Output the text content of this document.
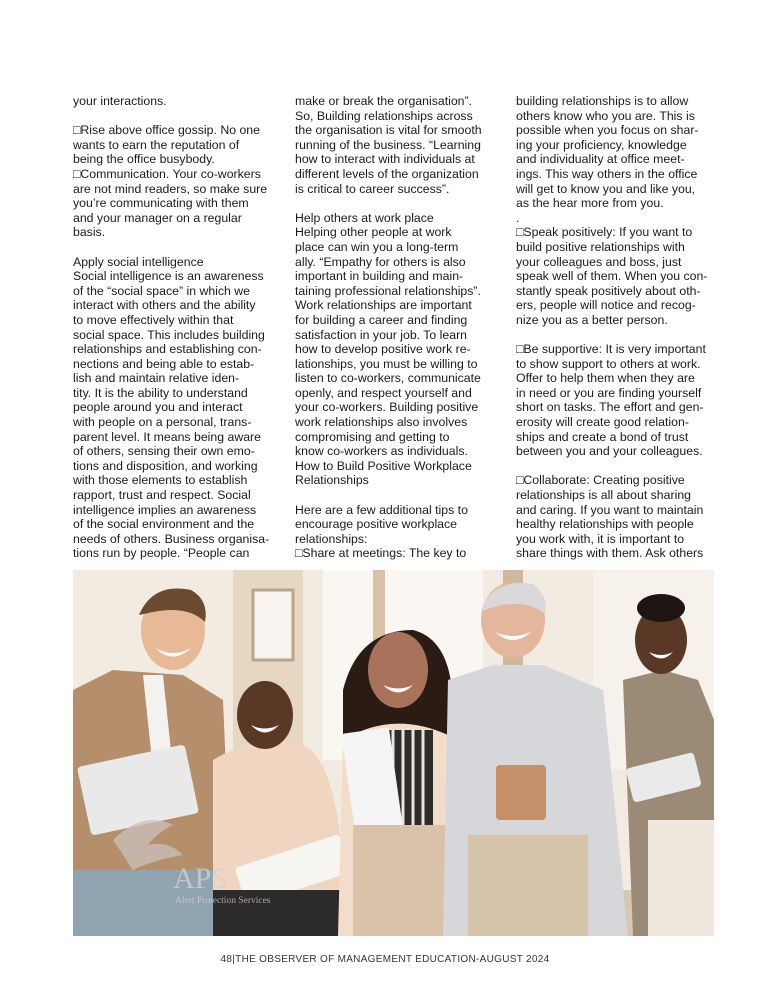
your interactions.

□Rise above office gossip. No one

wants to earn the reputation of

being the office busybody.

□Communication. Your co-workers

are not mind readers, so make sure

you’re communicating with them

and your manager on a regular

basis.

Apply social intelligence

Social intelligence is an awareness

of the “social space” in which we

interact with others and the ability

to move effectively within that

social space. This includes building

relationships and establishing con-

nections and being able to estab-

lish and maintain relative iden-

tity. It is the ability to understand

people around you and interact

with people on a personal, trans-

parent level. It means being aware

of others, sensing their own emo-

tions and disposition, and working

with those elements to establish

rapport, trust and respect. Social

intelligence implies an awareness

of the social environment and the

needs of others. Business organisa-

tions run by people. “People can

make or break the organisation”.

So, Building relationships across

the organisation is vital for smooth

running of the business. “Learning

how to interact with individuals at

different levels of the organization

is critical to career success”.

Help others at work place

Helping other people at work

place can win you a long-term

ally. “Empathy for others is also

important in building and main-

taining professional relationships”.

Work relationships are important

for building a career and finding

satisfaction in your job. To learn

how to develop positive work re-

lationships, you must be willing to

listen to co-workers, communicate

openly, and respect yourself and

your co-workers. Building positive

work relationships also involves

compromising and getting to

know co-workers as individuals.

How to Build Positive Workplace

Relationships

Here are a few additional tips to

encourage positive workplace

relationships:

□Share at meetings: The key to

building relationships is to allow

others know who you are. This is

possible when you focus on shar-

ing your proficiency, knowledge

and individuality at office meet-

ings. This way others in the office

will get to know you and like you,

as the hear more from you.

.

□Speak positively: If you want to

build positive relationships with

your colleagues and boss, just

speak well of them. When you con-

stantly speak positively about oth-

ers, people will notice and recog-

nize you as a better person.

□Be supportive: It is very important

to show support to others at work.

Offer to help them when they are

in need or you are finding yourself

short on tasks. The effort and gen-

erosity will create good relation-

ships and create a bond of trust

between you and your colleagues.

□Collaborate: Creating positive

relationships is all about sharing

and caring. If you want to maintain

healthy relationships with people

you work with, it is important to

share things with them. Ask others

APS
Alert Protection Services
48|THE OBSERVER OF MANAGEMENT EDUCATION-AUGUST 2024
